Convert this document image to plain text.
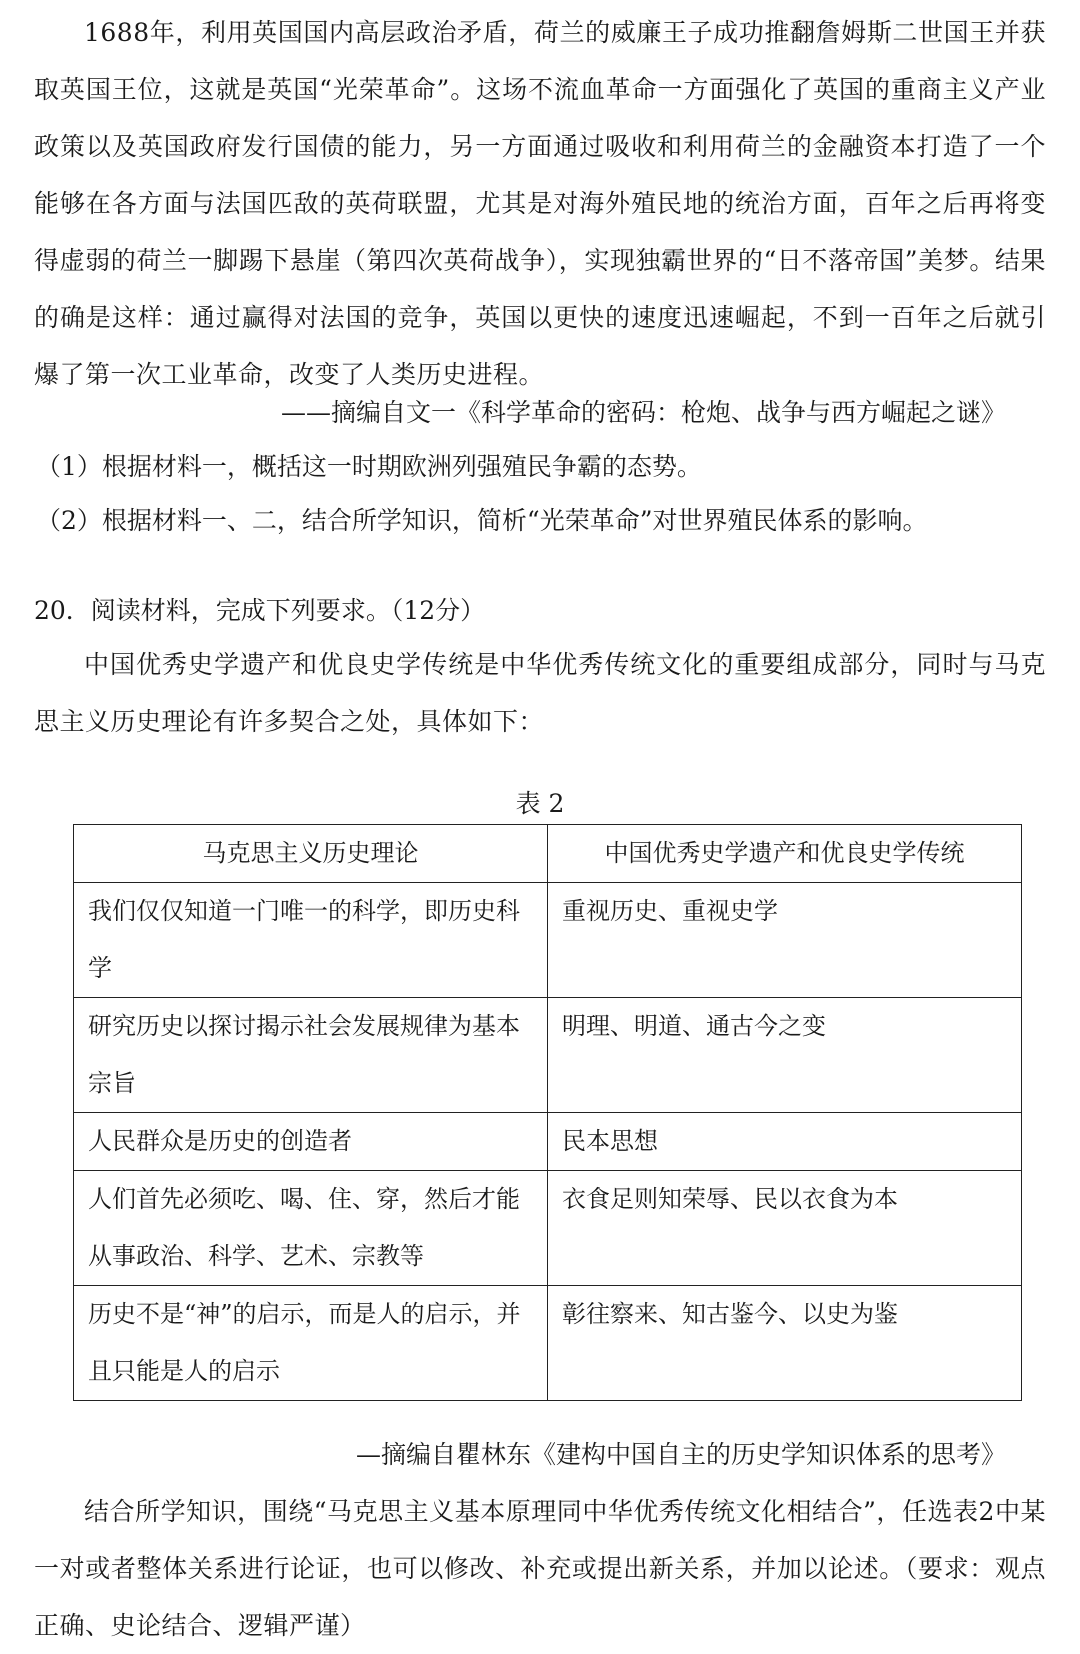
1688年，利用英国国内高层政治矛盾，荷兰的威廉王子成功推翻詹姆斯二世国王并获取英国王位，这就是英国“光荣革命”。这场不流血革命一方面强化了英国的重商主义产业政策以及英国政府发行国债的能力，另一方面通过吸收和利用荷兰的金融资本打造了一个能够在各方面与法国匹敌的英荷联盟，尤其是对海外殖民地的统治方面，百年之后再将变得虚弱的荷兰一脚踢下悬崖（第四次英荷战争），实现独霸世界的“日不落帝国”美梦。结果的确是这样：通过赢得对法国的竞争，英国以更快的速度迅速崛起，不到一百年之后就引爆了第一次工业革命，改变了人类历史进程。

——摘编自文一《科学革命的密码：枪炮、战争与西方崛起之谜》
（1）根据材料一，概括这一时期欧洲列强殖民争霸的态势。
（2）根据材料一、二，结合所学知识，简析“光荣革命”对世界殖民体系的影响。
20．阅读材料，完成下列要求。（12分）

中国优秀史学遗产和优良史学传统是中华优秀传统文化的重要组成部分，同时与马克思主义历史理论有许多契合之处，具体如下：

表 2
马克思主义历史理论	中国优秀史学遗产和优良史学传统
我们仅仅知道一门唯一的科学，即历史科学	重视历史、重视史学
研究历史以探讨揭示社会发展规律为基本宗旨	明理、明道、通古今之变
人民群众是历史的创造者	民本思想
人们首先必须吃、喝、住、穿，然后才能从事政治、科学、艺术、宗教等	衣食足则知荣辱、民以衣食为本
历史不是“神”的启示，而是人的启示，并且只能是人的启示	彰往察来、知古鉴今、以史为鉴
—摘编自瞿林东《建构中国自主的历史学知识体系的思考》

结合所学知识，围绕“马克思主义基本原理同中华优秀传统文化相结合”，任选表2中某一对或者整体关系进行论证，也可以修改、补充或提出新关系，并加以论述。（要求：观点正确、史论结合、逻辑严谨）
